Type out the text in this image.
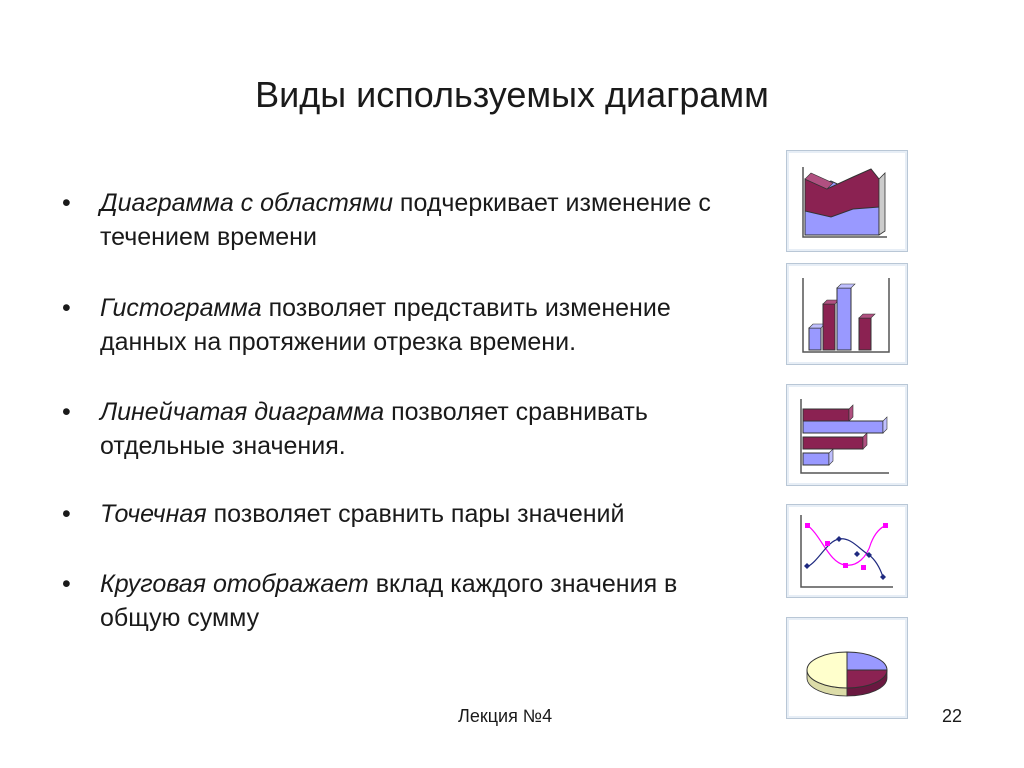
Виды используемых диаграмм
• Диаграмма с областями подчеркивает изменение с течением времени
• Гистограмма позволяет представить изменение данных на протяжении отрезка времени.
• Линейчатая диаграмма позволяет сравнивать отдельные значения.
• Точечная позволяет сравнить пары значений
• Круговая отображает вклад каждого значения в общую сумму
Лекция №4	22
